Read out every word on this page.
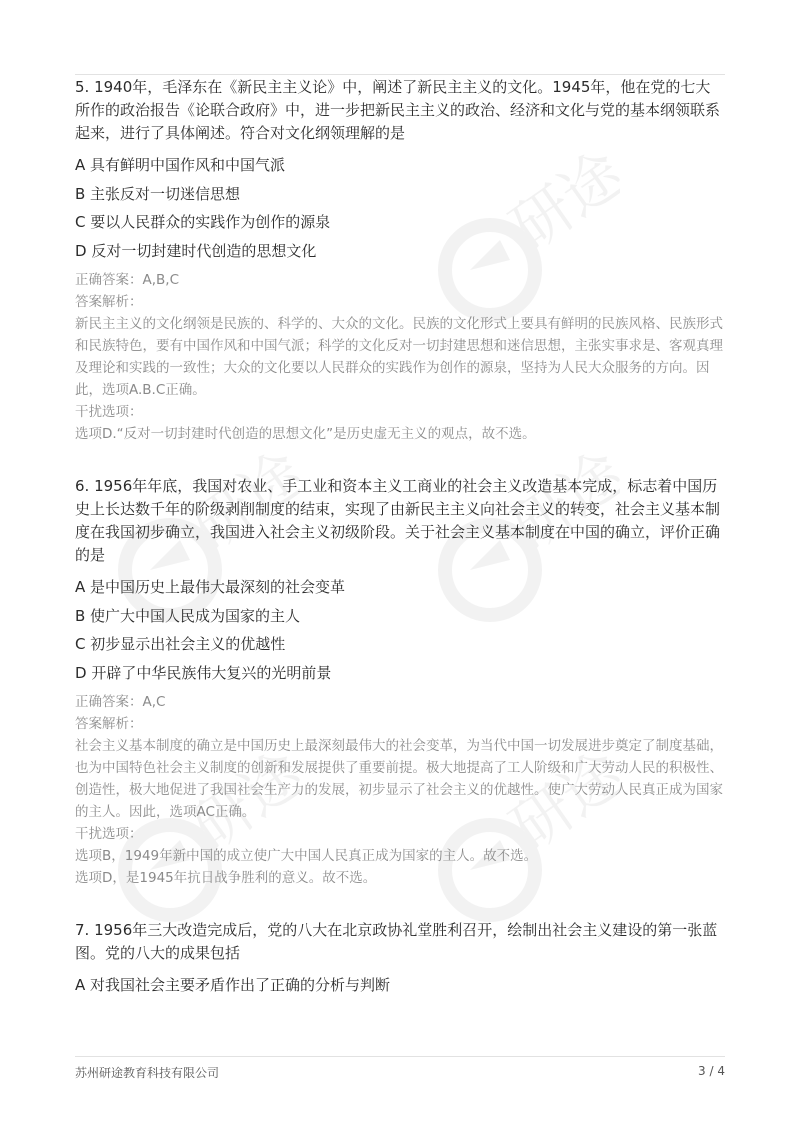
研途
研途	研途
研途	研途

5. 1940年，毛泽东在《新民主主义论》中，阐述了新民主主义的文化。1945年，他在党的七大所作的政治报告《论联合政府》中，进一步把新民主主义的政治、经济和文化与党的基本纲领联系起来，进行了具体阐述。符合对文化纲领理解的是

A 具有鲜明中国作风和中国气派
B 主张反对一切迷信思想
C 要以人民群众的实践作为创作的源泉
D 反对一切封建时代创造的思想文化
正确答案：A,B,C
答案解析：
新民主主义的文化纲领是民族的、科学的、大众的文化。民族的文化形式上要具有鲜明的民族风格、民族形式和民族特色，要有中国作风和中国气派；科学的文化反对一切封建思想和迷信思想，主张实事求是、客观真理及理论和实践的一致性；大众的文化要以人民群众的实践作为创作的源泉，坚持为人民大众服务的方向。因此，选项A.B.C正确。
干扰选项：
选项D.“反对一切封建时代创造的思想文化”是历史虚无主义的观点，故不选。

6. 1956年年底，我国对农业、手工业和资本主义工商业的社会主义改造基本完成，标志着中国历史上长达数千年的阶级剥削制度的结束，实现了由新民主主义向社会主义的转变，社会主义基本制度在我国初步确立，我国进入社会主义初级阶段。关于社会主义基本制度在中国的确立，评价正确的是

A 是中国历史上最伟大最深刻的社会变革
B 使广大中国人民成为国家的主人
C 初步显示出社会主义的优越性
D 开辟了中华民族伟大复兴的光明前景
正确答案：A,C
答案解析：
社会主义基本制度的确立是中国历史上最深刻最伟大的社会变革，为当代中国一切发展进步奠定了制度基础，也为中国特色社会主义制度的创新和发展提供了重要前提。极大地提高了工人阶级和广大劳动人民的积极性、创造性，极大地促进了我国社会生产力的发展，初步显示了社会主义的优越性。使广大劳动人民真正成为国家的主人。因此，选项AC正确。
干扰选项：
选项B，1949年新中国的成立使广大中国人民真正成为国家的主人。故不选。
选项D，是1945年抗日战争胜利的意义。故不选。

7. 1956年三大改造完成后，党的八大在北京政协礼堂胜利召开，绘制出社会主义建设的第一张蓝图。党的八大的成果包括

A 对我国社会主要矛盾作出了正确的分析与判断
苏州研途教育科技有限公司	3 / 4
